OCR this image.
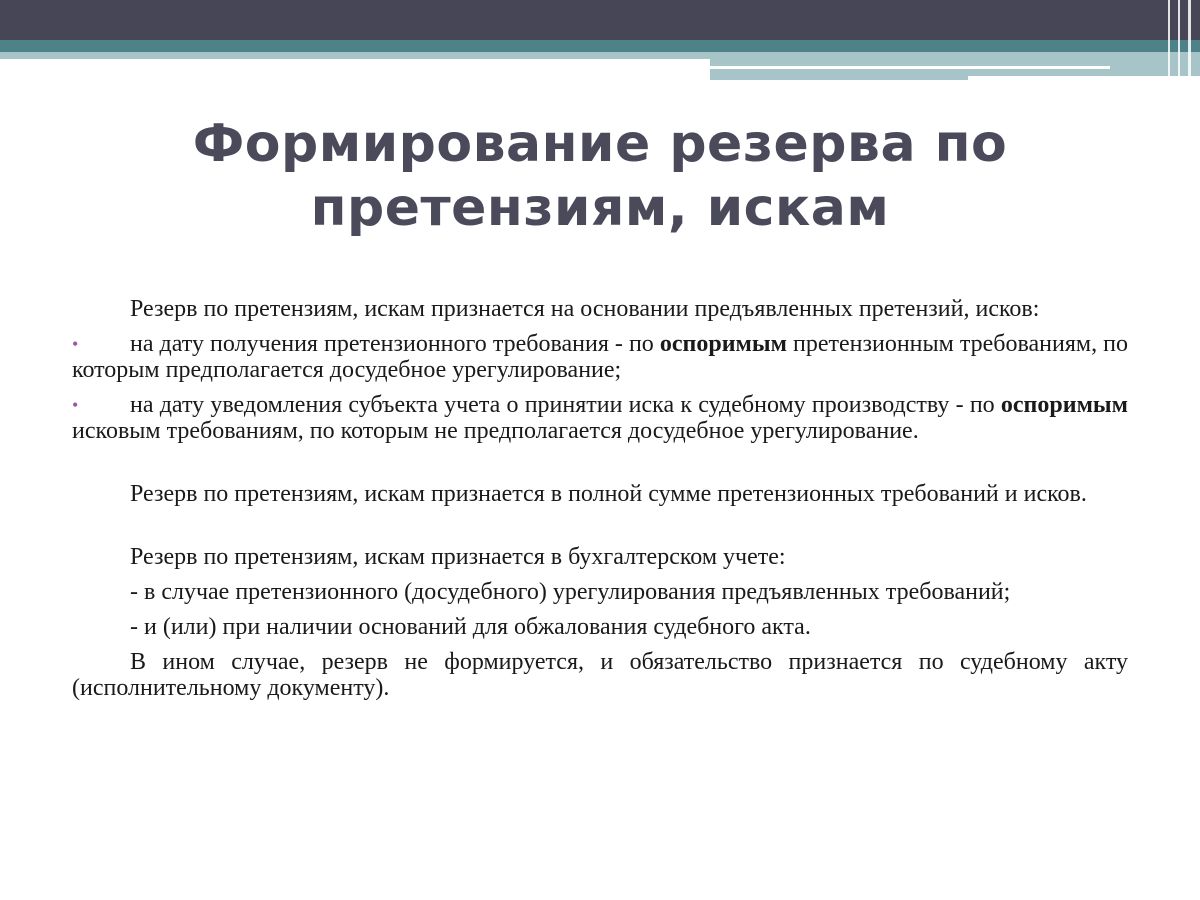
Формирование резерва по
претензиям, искам

Резерв по претензиям, искам признается на основании предъявленных претензий, исков:

• на дату получения претензионного требования - по оспоримым претензионным требованиям, по которым предполагается досудебное урегулирование;
• на дату уведомления субъекта учета о принятии иска к судебному производству - по оспоримым исковым требованиям, по которым не предполагается досудебное урегулирование.

Резерв по претензиям, искам признается в полной сумме претензионных требований и исков.

Резерв по претензиям, искам признается в бухгалтерском учете:

- в случае претензионного (досудебного) урегулирования предъявленных требований;

- и (или) при наличии оснований для обжалования судебного акта.

В ином случае, резерв не формируется, и обязательство признается по судебному акту (исполнительному документу).
